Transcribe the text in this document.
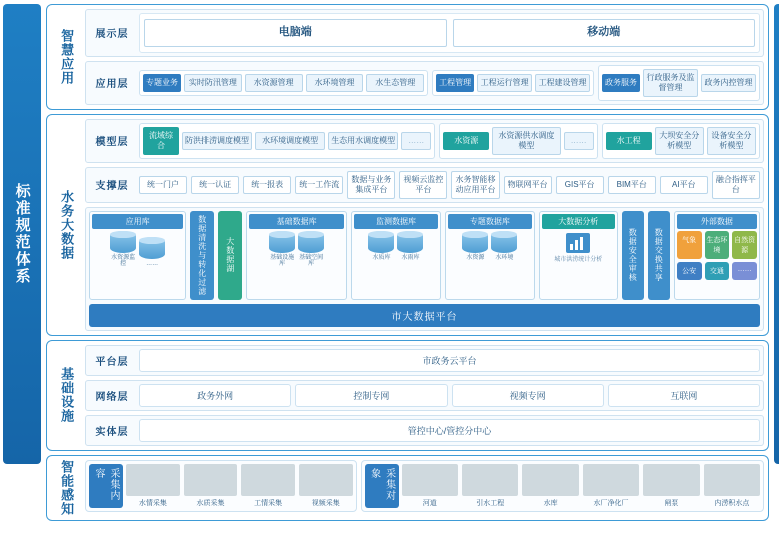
标准规范体系
智慧应用	展示层	电脑端	移动端
应用层	专题业务	实时防汛管理	水资源管理	水环境管理	水生态管理	工程管理	工程运行管理	工程建设管理	政务服务
行政服务及监督管理
政务内控管理
水务大数据
模型层
流域综合
防洪排涝调度模型	水环境调度模型	生态用水调度模型	……	水资源
水资源供水调度模型
……	水工程
大坝安全分析模型
设备安全分析模型
支撑层	统一门户	统一认证	统一报表	统一工作流
数据与业务集成平台
视频云监控平台
水务智能移动应用平台
物联网平台	GIS平台	BIM平台	AI平台
融合指挥平台
应用库
水资源监控	……	数据清洗与转化过滤	大数据湖
基础数据库
基础设施库
基础空间库
监测数据库
水质库	水雨库
专题数据库
水资源	水环境
大数据分析
城市洪涝统计分析	数据安全审核	数据交换共享
外部数据
气象	生态环境
自然资源
公安	交通	……
市大数据平台
基础设施
平台层	市政务云平台
网络层	政务外网	控制专网	视频专网	互联网
实体层	管控中心/管控分中心
智能感知	采集内容
水情采集	水质采集	工情采集	视频采集
采集对象
河道	引水工程	水库	水厂净化厂	闸泵	内涝积水点
